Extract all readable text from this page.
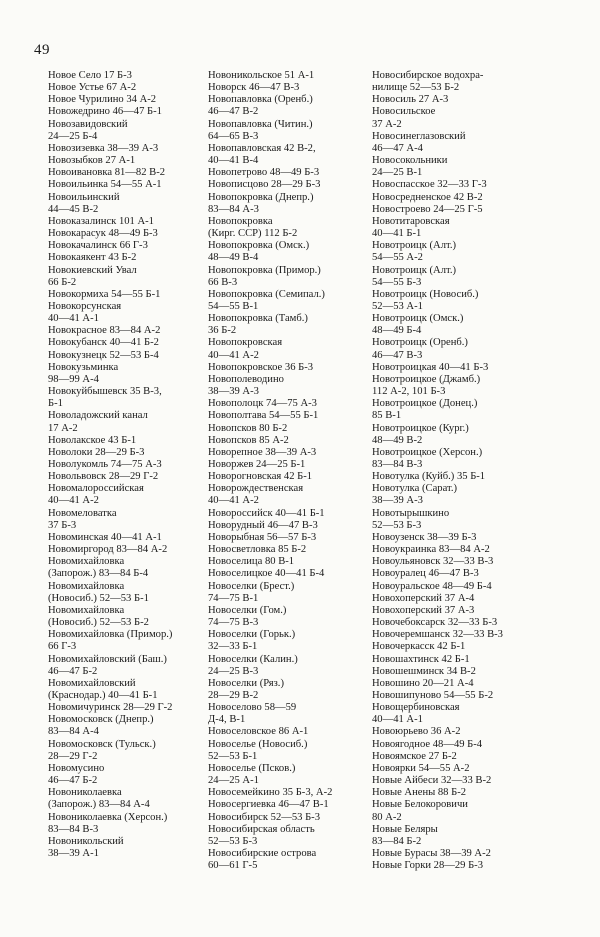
49
Новое Село 17 Б-3
Новое Устье 67 А-2
Новое Чурилино 34 А-2
Новожедрино 46—47 Б-1
Новозавидовский
24—25 Б-4
Новозизевка 38—39 А-3
Новозыбков 27 А-1
Новоивановка 81—82 В-2
Новоильинка 54—55 А-1
Новоильинский
44—45 В-2
Новоказалинск 101 А-1
Новокарасук 48—49 Б-3
Новокачалинск 66 Г-3
Новокаякент 43 Б-2
Новокиевский Увал
66 Б-2
Новокормиха 54—55 Б-1
Новокорсунская
40—41 А-1
Новокрасное 83—84 А-2
Новокубанск 40—41 Б-2
Новокузнецк 52—53 Б-4
Новокузьминка
98—99 А-4
Новокуйбышевск 35 В-3,
Б-1
Новоладожский канал
17 А-2
Новолакское 43 Б-1
Новолоки 28—29 Б-3
Новолукомль 74—75 А-3
Новольвовск 28—29 Г-2
Новомалороссийская
40—41 А-2
Новомеловатка
37 Б-3
Новоминская 40—41 А-1
Новомиргород 83—84 А-2
Новомихайловка
(Запорож.) 83—84 Б-4
Новомихайловка
(Новосиб.) 52—53 Б-1
Новомихайловка
(Новосиб.) 52—53 Б-2
Новомихайловка (Примор.)
66 Г-3
Новомихайловский (Баш.)
46—47 Б-2
Новомихайловский
(Краснодар.) 40—41 Б-1
Новомичуринск 28—29 Г-2
Новомосковск (Днепр.)
83—84 А-4
Новомосковск (Тульск.)
28—29 Г-2
Новомусино
46—47 Б-2
Новониколаевка
(Запорож.) 83—84 А-4
Новониколаевка (Херсон.)
83—84 В-3
Новоникольский
38—39 А-1
Новоникольское 51 А-1
Новорск 46—47 В-3
Новопавловка (Оренб.)
46—47 В-2
Новопавловка (Читин.)
64—65 В-3
Новопавловская 42 В-2,
40—41 В-4
Новопетрово 48—49 Б-3
Новописцово 28—29 Б-3
Новопокровка (Днепр.)
83—84 А-3
Новопокровка
(Кирг. ССР) 112 Б-2
Новопокровка (Омск.)
48—49 В-4
Новопокровка (Примор.)
66 В-3
Новопокровка (Семипал.)
54—55 В-1
Новопокровка (Тамб.)
36 Б-2
Новопокровская
40—41 А-2
Новопокровское 36 Б-3
Новополеводино
38—39 А-3
Новополоцк 74—75 А-3
Новополтава 54—55 Б-1
Новопсков 80 Б-2
Новопсков 85 А-2
Новорепное 38—39 А-3
Новоржев 24—25 Б-1
Новорогновская 42 Б-1
Новорождественская
40—41 А-2
Новороссийск 40—41 Б-1
Новорудный 46—47 В-3
Новорыбная 56—57 Б-3
Новосветловка 85 Б-2
Новоселица 80 В-1
Новоселицкое 40—41 Б-4
Новоселки (Брест.)
74—75 В-1
Новоселки (Гом.)
74—75 В-3
Новоселки (Горьк.)
32—33 Б-1
Новоселки (Калин.)
24—25 В-3
Новоселки (Ряз.)
28—29 В-2
Новоселово 58—59
Д-4, В-1
Новоселовское 86 А-1
Новоселье (Новосиб.)
52—53 Б-1
Новоселье (Псков.)
24—25 А-1
Новосемейкино 35 Б-3, А-2
Новосергиевка 46—47 В-1
Новосибирск 52—53 Б-3
Новосибирская область
52—53 Б-3
Новосибирские острова
60—61 Г-5
Новосибирское водохра-
нилище 52—53 Б-2
Новосиль 27 А-3
Новосильское
37 А-2
Новосинеглазовский
46—47 А-4
Новосокольники
24—25 В-1
Новоспасское 32—33 Г-3
Новосредненское 42 В-2
Новостроево 24—25 Г-5
Новотитаровская
40—41 Б-1
Новотроицк (Алт.)
54—55 А-2
Новотроицк (Алт.)
54—55 Б-3
Новотроицк (Новосиб.)
52—53 А-1
Новотроицк (Омск.)
48—49 Б-4
Новотроицк (Оренб.)
46—47 В-3
Новотроицкая 40—41 Б-3
Новотроицкое (Джамб.)
112 А-2, 101 Б-3
Новотроицкое (Донец.)
85 В-1
Новотроицкое (Кург.)
48—49 В-2
Новотроицкое (Херсон.)
83—84 В-3
Новотулка (Куйб.) 35 Б-1
Новотулка (Сарат.)
38—39 А-3
Новотырышкино
52—53 Б-3
Новоузенск 38—39 Б-3
Новоукраинка 83—84 А-2
Новоульяновск 32—33 В-3
Новоуралец 46—47 В-3
Новоуральское 48—49 Б-4
Новохоперский 37 А-4
Новохоперский 37 А-3
Новочебоксарск 32—33 Б-3
Новочеремшанск 32—33 В-3
Новочеркасск 42 Б-1
Новошахтинск 42 Б-1
Новошешминск 34 В-2
Новошино 20—21 А-4
Новошипуново 54—55 Б-2
Новощербиновская
40—41 А-1
Новоюрьево 36 А-2
Новоягодное 48—49 Б-4
Новоямское 27 Б-2
Новоярки 54—55 А-2
Новые Айбеси 32—33 В-2
Новые Анены 88 Б-2
Новые Белокоровичи
80 А-2
Новые Беляры
83—84 Б-2
Новые Бурасы 38—39 А-2
Новые Горки 28—29 Б-3
